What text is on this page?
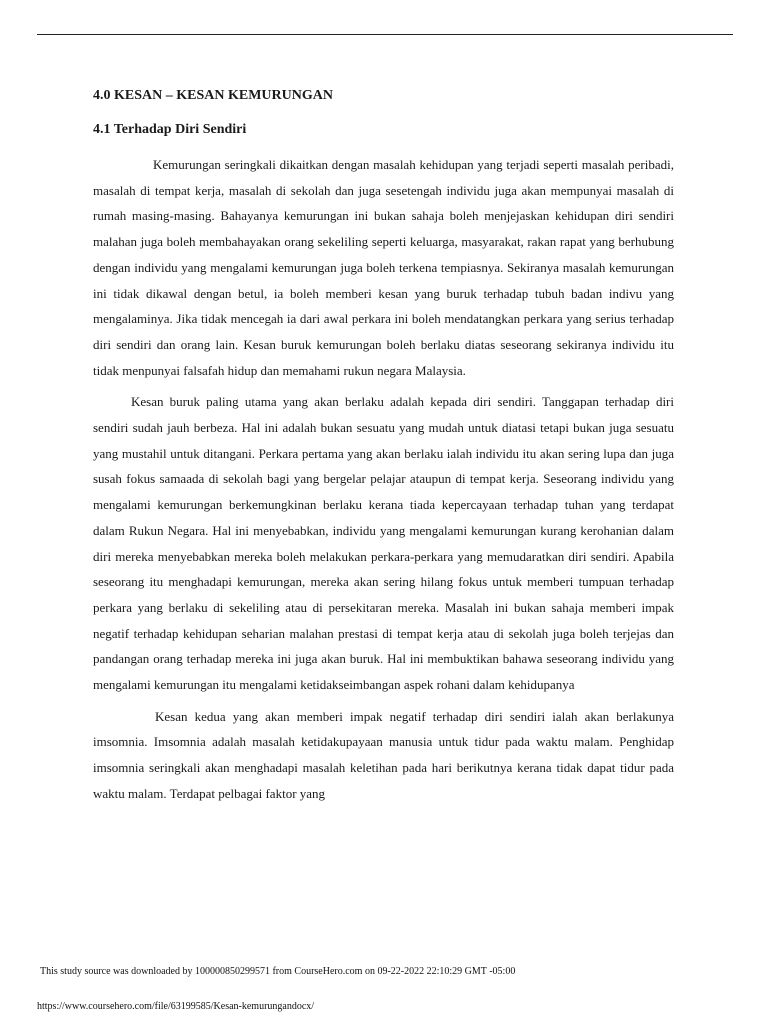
4.0 KESAN – KESAN KEMURUNGAN

4.1 Terhadap Diri Sendiri

Kemurungan seringkali dikaitkan dengan masalah kehidupan yang terjadi seperti masalah peribadi, masalah di tempat kerja, masalah di sekolah dan juga sesetengah individu juga akan mempunyai masalah di rumah masing-masing. Bahayanya kemurungan ini bukan sahaja boleh menjejaskan kehidupan diri sendiri malahan juga boleh membahayakan orang sekeliling seperti keluarga, masyarakat, rakan rapat yang berhubung dengan individu yang mengalami kemurungan juga boleh terkena tempiasnya. Sekiranya masalah kemurungan ini tidak dikawal dengan betul, ia boleh memberi kesan yang buruk terhadap tubuh badan indivu yang mengalaminya. Jika tidak mencegah ia dari awal perkara ini boleh mendatangkan perkara yang serius terhadap diri sendiri dan orang lain. Kesan buruk kemurungan boleh berlaku diatas seseorang sekiranya individu itu tidak menpunyai falsafah hidup dan memahami rukun negara Malaysia.

Kesan buruk paling utama yang akan berlaku adalah kepada diri sendiri. Tanggapan terhadap diri sendiri sudah jauh berbeza. Hal ini adalah bukan sesuatu yang mudah untuk diatasi tetapi bukan juga sesuatu yang mustahil untuk ditangani. Perkara pertama yang akan berlaku ialah individu itu akan sering lupa dan juga susah fokus samaada di sekolah bagi yang bergelar pelajar ataupun di tempat kerja. Seseorang individu yang mengalami kemurungan berkemungkinan berlaku kerana tiada kepercayaan terhadap tuhan yang terdapat dalam Rukun Negara. Hal ini menyebabkan, individu yang mengalami kemurungan kurang kerohanian dalam diri mereka menyebabkan mereka boleh melakukan perkara-perkara yang memudaratkan diri sendiri. Apabila seseorang itu menghadapi kemurungan, mereka akan sering hilang fokus untuk memberi tumpuan terhadap perkara yang berlaku di sekeliling atau di persekitaran mereka. Masalah ini bukan sahaja memberi impak negatif terhadap kehidupan seharian malahan prestasi di tempat kerja atau di sekolah juga boleh terjejas dan pandangan orang terhadap mereka ini juga akan buruk. Hal ini membuktikan bahawa seseorang individu yang mengalami kemurungan itu mengalami ketidakseimbangan aspek rohani dalam kehidupanya

Kesan kedua yang akan memberi impak negatif terhadap diri sendiri ialah akan berlakunya imsomnia. Imsomnia adalah masalah ketidakupayaan manusia untuk tidur pada waktu malam. Penghidap imsomnia seringkali akan menghadapi masalah keletihan pada hari berikutnya kerana tidak dapat tidur pada waktu malam. Terdapat pelbagai faktor yang

This study source was downloaded by 100000850299571 from CourseHero.com on 09-22-2022 22:10:29 GMT -05:00
https://www.coursehero.com/file/63199585/Kesan-kemurungandocx/
